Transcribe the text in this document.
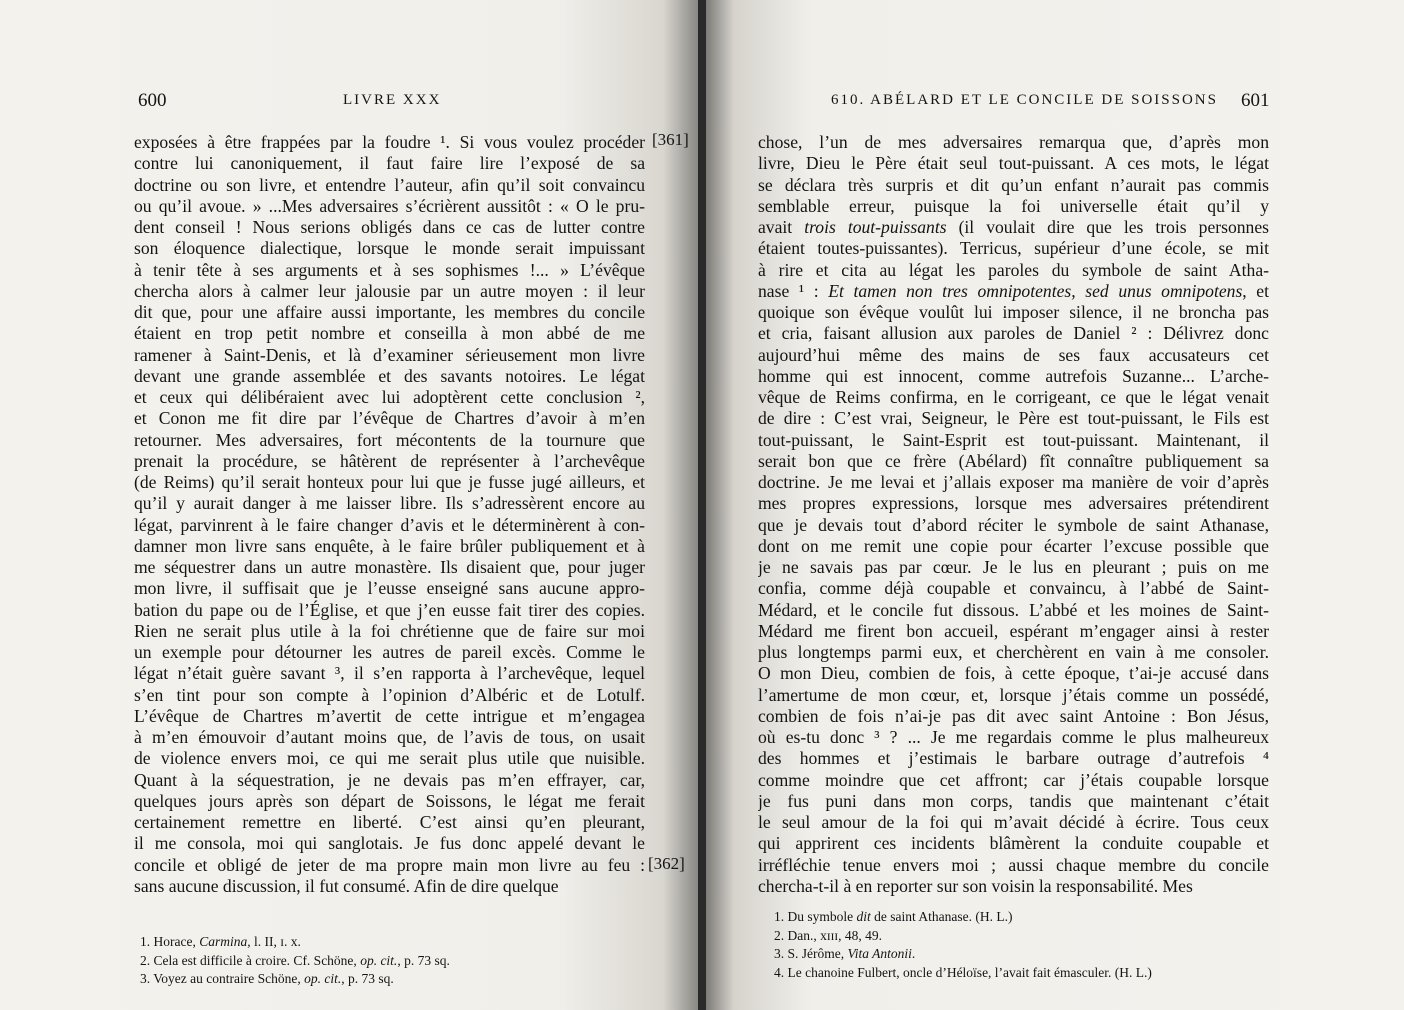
600	LIVRE XXX
exposées à être frappées par la foudre ¹. Si vous voulez procéder
contre lui canoniquement, il faut faire lire l’exposé de sa
doctrine ou son livre, et entendre l’auteur, afin qu’il soit convaincu
ou qu’il avoue. » ...Mes adversaires s’écrièrent aussitôt : « O le pru-
dent conseil ! Nous serions obligés dans ce cas de lutter contre
son éloquence dialectique, lorsque le monde serait impuissant
à tenir tête à ses arguments et à ses sophismes !... » L’évêque
chercha alors à calmer leur jalousie par un autre moyen : il leur
dit que, pour une affaire aussi importante, les membres du concile
étaient en trop petit nombre et conseilla à mon abbé de me
ramener à Saint-Denis, et là d’examiner sérieusement mon livre
devant une grande assemblée et des savants notoires. Le légat
et ceux qui délibéraient avec lui adoptèrent cette conclusion ²,
et Conon me fit dire par l’évêque de Chartres d’avoir à m’en
retourner. Mes adversaires, fort mécontents de la tournure que
prenait la procédure, se hâtèrent de représenter à l’archevêque
(de Reims) qu’il serait honteux pour lui que je fusse jugé ailleurs, et
qu’il y aurait danger à me laisser libre. Ils s’adressèrent encore au
légat, parvinrent à le faire changer d’avis et le déterminèrent à con-
damner mon livre sans enquête, à le faire brûler publiquement et à
me séquestrer dans un autre monastère. Ils disaient que, pour juger
mon livre, il suffisait que je l’eusse enseigné sans aucune appro-
bation du pape ou de l’Église, et que j’en eusse fait tirer des copies.
Rien ne serait plus utile à la foi chrétienne que de faire sur moi
un exemple pour détourner les autres de pareil excès. Comme le
légat n’était guère savant ³, il s’en rapporta à l’archevêque, lequel
s’en tint pour son compte à l’opinion d’Albéric et de Lotulf.
L’évêque de Chartres m’avertit de cette intrigue et m’engagea
à m’en émouvoir d’autant moins que, de l’avis de tous, on usait
de violence envers moi, ce qui me serait plus utile que nuisible.
Quant à la séquestration, je ne devais pas m’en effrayer, car,
quelques jours après son départ de Soissons, le légat me ferait
certainement remettre en liberté. C’est ainsi qu’en pleurant,
il me consola, moi qui sanglotais. Je fus donc appelé devant le
concile et obligé de jeter de ma propre main mon livre au feu :
sans aucune discussion, il fut consumé. Afin de dire quelque
1. Horace, Carmina, l. II, ɪ. x.
2. Cela est difficile à croire. Cf. Schöne, op. cit., p. 73 sq.
3. Voyez au contraire Schöne, op. cit., p. 73 sq.
[361]
[362]
610. ABÉLARD ET LE CONCILE DE SOISSONS 601
chose, l’un de mes adversaires remarqua que, d’après mon
livre, Dieu le Père était seul tout-puissant. A ces mots, le légat
se déclara très surpris et dit qu’un enfant n’aurait pas commis
semblable erreur, puisque la foi universelle était qu’il y
avait trois tout-puissants (il voulait dire que les trois personnes
étaient toutes-puissantes). Terricus, supérieur d’une école, se mit
à rire et cita au légat les paroles du symbole de saint Atha-
nase ¹ : Et tamen non tres omnipotentes, sed unus omnipotens, et
quoique son évêque voulût lui imposer silence, il ne broncha pas
et cria, faisant allusion aux paroles de Daniel ² : Délivrez donc
aujourd’hui même des mains de ses faux accusateurs cet
homme qui est innocent, comme autrefois Suzanne... L’arche-
vêque de Reims confirma, en le corrigeant, ce que le légat venait
de dire : C’est vrai, Seigneur, le Père est tout-puissant, le Fils est
tout-puissant, le Saint-Esprit est tout-puissant. Maintenant, il
serait bon que ce frère (Abélard) fît connaître publiquement sa
doctrine. Je me levai et j’allais exposer ma manière de voir d’après
mes propres expressions, lorsque mes adversaires prétendirent
que je devais tout d’abord réciter le symbole de saint Athanase,
dont on me remit une copie pour écarter l’excuse possible que
je ne savais pas par cœur. Je le lus en pleurant ; puis on me
confia, comme déjà coupable et convaincu, à l’abbé de Saint-
Médard, et le concile fut dissous. L’abbé et les moines de Saint-
Médard me firent bon accueil, espérant m’engager ainsi à rester
plus longtemps parmi eux, et cherchèrent en vain à me consoler.
O mon Dieu, combien de fois, à cette époque, t’ai-je accusé dans
l’amertume de mon cœur, et, lorsque j’étais comme un possédé,
combien de fois n’ai-je pas dit avec saint Antoine : Bon Jésus,
où es-tu donc ³ ? ... Je me regardais comme le plus malheureux
des hommes et j’estimais le barbare outrage d’autrefois ⁴
comme moindre que cet affront; car j’étais coupable lorsque
je fus puni dans mon corps, tandis que maintenant c’était
le seul amour de la foi qui m’avait décidé à écrire. Tous ceux
qui apprirent ces incidents blâmèrent la conduite coupable et
irréfléchie tenue envers moi ; aussi chaque membre du concile
chercha-t-il à en reporter sur son voisin la responsabilité. Mes
1. Du symbole dit de saint Athanase. (H. L.)
2. Dan., xɪɪɪ, 48, 49.
3. S. Jérôme, Vita Antonii.
4. Le chanoine Fulbert, oncle d’Héloïse, l’avait fait émasculer. (H. L.)
